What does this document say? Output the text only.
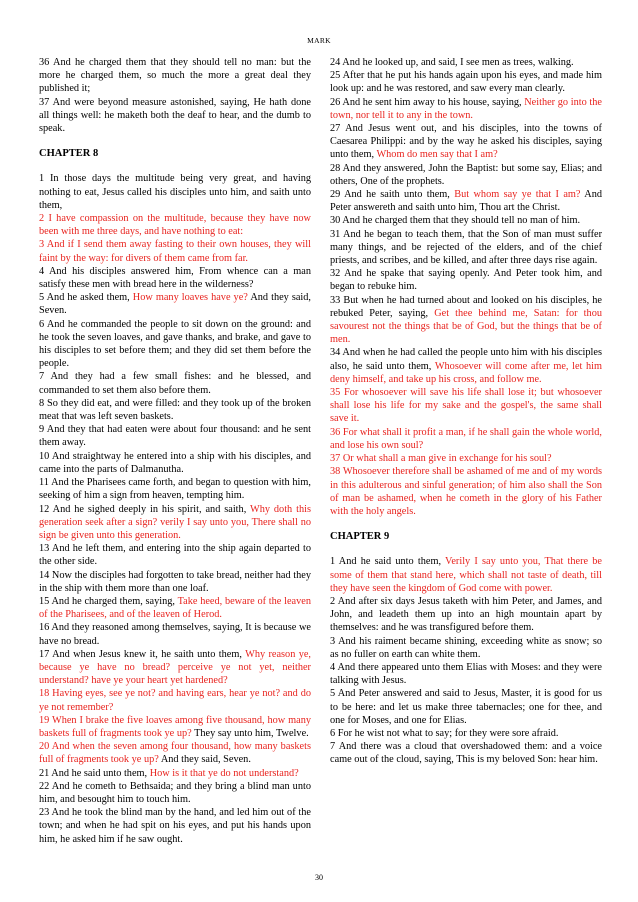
MARK

36 And he charged them that they should tell no man: but the more he charged them, so much the more a great deal they published it;

37 And were beyond measure astonished, saying, He hath done all things well: he maketh both the deaf to hear, and the dumb to speak.

CHAPTER 8

1 In those days the multitude being very great, and having nothing to eat, Jesus called his disciples unto him, and saith unto them,

2 I have compassion on the multitude, because they have now been with me three days, and have nothing to eat:

3 And if I send them away fasting to their own houses, they will faint by the way: for divers of them came from far.

4 And his disciples answered him, From whence can a man satisfy these men with bread here in the wilderness?

5 And he asked them, How many loaves have ye? And they said, Seven.

6 And he commanded the people to sit down on the ground: and he took the seven loaves, and gave thanks, and brake, and gave to his disciples to set before them; and they did set them before the people.

7 And they had a few small fishes: and he blessed, and commanded to set them also before them.

8 So they did eat, and were filled: and they took up of the broken meat that was left seven baskets.

9 And they that had eaten were about four thousand: and he sent them away.

10 And straightway he entered into a ship with his disciples, and came into the parts of Dalmanutha.

11 And the Pharisees came forth, and began to question with him, seeking of him a sign from heaven, tempting him.

12 And he sighed deeply in his spirit, and saith, Why doth this generation seek after a sign? verily I say unto you, There shall no sign be given unto this generation.

13 And he left them, and entering into the ship again departed to the other side.

14 Now the disciples had forgotten to take bread, neither had they in the ship with them more than one loaf.

15 And he charged them, saying, Take heed, beware of the leaven of the Pharisees, and of the leaven of Herod.

16 And they reasoned among themselves, saying, It is because we have no bread.

17 And when Jesus knew it, he saith unto them, Why reason ye, because ye have no bread? perceive ye not yet, neither understand? have ye your heart yet hardened?

18 Having eyes, see ye not? and having ears, hear ye not? and do ye not remember?

19 When I brake the five loaves among five thousand, how many baskets full of fragments took ye up? They say unto him, Twelve.

20 And when the seven among four thousand, how many baskets full of fragments took ye up? And they said, Seven.

21 And he said unto them, How is it that ye do not understand?

22 And he cometh to Bethsaida; and they bring a blind man unto him, and besought him to touch him.

23 And he took the blind man by the hand, and led him out of the town; and when he had spit on his eyes, and put his hands upon him, he asked him if he saw ought.

24 And he looked up, and said, I see men as trees, walking.

25 After that he put his hands again upon his eyes, and made him look up: and he was restored, and saw every man clearly.

26 And he sent him away to his house, saying, Neither go into the town, nor tell it to any in the town.

27 And Jesus went out, and his disciples, into the towns of Caesarea Philippi: and by the way he asked his disciples, saying unto them, Whom do men say that I am?

28 And they answered, John the Baptist: but some say, Elias; and others, One of the prophets.

29 And he saith unto them, But whom say ye that I am? And Peter answereth and saith unto him, Thou art the Christ.

30 And he charged them that they should tell no man of him.

31 And he began to teach them, that the Son of man must suffer many things, and be rejected of the elders, and of the chief priests, and scribes, and be killed, and after three days rise again.

32 And he spake that saying openly. And Peter took him, and began to rebuke him.

33 But when he had turned about and looked on his disciples, he rebuked Peter, saying, Get thee behind me, Satan: for thou savourest not the things that be of God, but the things that be of men.

34 And when he had called the people unto him with his disciples also, he said unto them, Whosoever will come after me, let him deny himself, and take up his cross, and follow me.

35 For whosoever will save his life shall lose it; but whosoever shall lose his life for my sake and the gospel's, the same shall save it.

36 For what shall it profit a man, if he shall gain the whole world, and lose his own soul?

37 Or what shall a man give in exchange for his soul?

38 Whosoever therefore shall be ashamed of me and of my words in this adulterous and sinful generation; of him also shall the Son of man be ashamed, when he cometh in the glory of his Father with the holy angels.

CHAPTER 9

1 And he said unto them, Verily I say unto you, That there be some of them that stand here, which shall not taste of death, till they have seen the kingdom of God come with power.

2 And after six days Jesus taketh with him Peter, and James, and John, and leadeth them up into an high mountain apart by themselves: and he was transfigured before them.

3 And his raiment became shining, exceeding white as snow; so as no fuller on earth can white them.

4 And there appeared unto them Elias with Moses: and they were talking with Jesus.

5 And Peter answered and said to Jesus, Master, it is good for us to be here: and let us make three tabernacles; one for thee, and one for Moses, and one for Elias.

6 For he wist not what to say; for they were sore afraid.

7 And there was a cloud that overshadowed them: and a voice came out of the cloud, saying, This is my beloved Son: hear him.

30
